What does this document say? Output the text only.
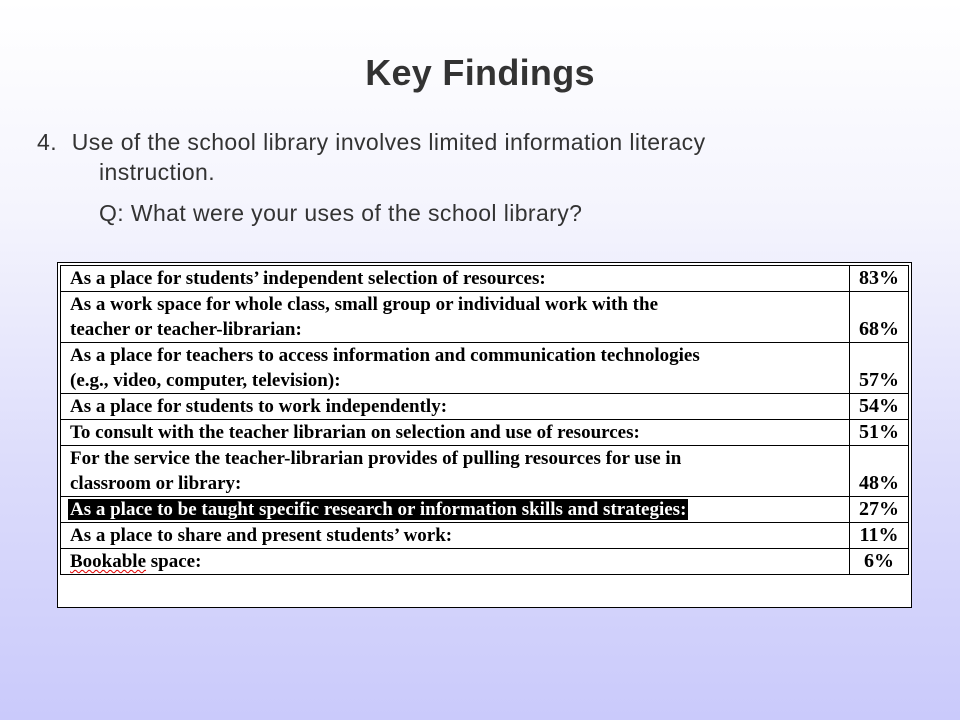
Key Findings
4. Use of the school library involves limited information literacy
instruction.
Q: What were your uses of the school library?
As a place for students’ independent selection of resources:	83%
As a work space for whole class, small group or individual work with the
teacher or teacher-librarian:	68%
As a place for teachers to access information and communication technologies
(e.g., video, computer, television):	57%
As a place for students to work independently:	54%
To consult with the teacher librarian on selection and use of resources:	51%
For the service the teacher-librarian provides of pulling resources for use in
classroom or library:	48%
As a place to be taught specific research or information skills and strategies:	27%
As a place to share and present students’ work:	11%
Bookable space:	6%
